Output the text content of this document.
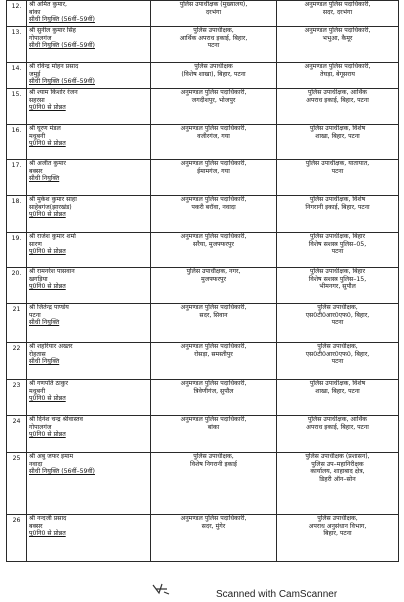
12.	श्री अमित कुमार,
बांका
सीधी नियुक्ति (56वीं–59वीं)	पुलिस उपाधीक्षक (मुख्यालय),
दरभंगा	अनुमण्डल पुलिस पदाधिकारी,
सदर, दरभंगा

13.	श्री सुनील कुमार सिंह
गोपालगंज
सीधी नियुक्ति (56वीं–59वीं)	पुलिस उपाधीक्षक,
आर्थिक अपराध इकाई, बिहार,
पटना	अनुमण्डल पुलिस पदाधिकारी,
भभुआ, कैमूर

14.	श्री रविन्द्र मोहन प्रसाद
जमुई
सीधी नियुक्ति (56वीं–59वीं)	पुलिस उपाधीक्षक
(विशेष शाखा), बिहार, पटना	अनुमण्डल पुलिस पदाधिकारी,
तेघड़ा, बेगूसराय

15.	श्री श्याम किशोर रंजन
सहरसा
पु0नि0 से प्रोन्नत	अनुमण्डल पुलिस पदाधिकारी,
जगदीशपुर, भोजपुर	पुलिस उपाधीक्षक, आर्थिक
अपराध इकाई, बिहार, पटना

16.	श्री घूरण मंडल
मधुबनी
पु0नि0 से प्रोन्नत	अनुमण्डल पुलिस पदाधिकारी,
वजीरगंज, गया	पुलिस उपाधीक्षक, विशेष
शाखा, बिहार, पटना

17.	श्री अजीत कुमार
बक्सर
सीधी नियुक्ति	अनुमण्डल पुलिस पदाधिकारी,
ईमामगंज, गया	पुलिस उपाधीक्षक, यातायात,
पटना

18.	श्री मुकेश कुमार साहा
साहेबगंज(झारखंड)
पु0नि0 से प्रोन्नत	अनुमण्डल पुलिस पदाधिकारी,
पकरी बरॉवा, नवादा	पुलिस उपाधीक्षक, विशेष
निगरानी इकाई, बिहार, पटना

19.	श्री राजेश कुमार शर्मा
सारण
पु0नि0 से प्रोन्नत	अनुमण्डल पुलिस पदाधिकारी,
सरैया, मुजफ्फरपुर	पुलिस उपाधीक्षक, बिहार
विशेष सशस्त्र पुलिस–05,
पटना

20.	श्री रामनरेश पासवान
खगड़िया
पु0नि0 से प्रोन्नत	पुलिस उपाधीक्षक, नगर,
मुजफ्फरपुर	पुलिस उपाधीक्षक, बिहार
विशेष सशस्त्र पुलिस–15,
भीमनगर, सुपौल

21	श्री जितेन्द्र पाण्डेय
पटना
सीधी नियुक्ति	अनुमण्डल पुलिस पदाधिकारी,
सदर, सिवान	पुलिस उपाधीक्षक,
एस0टी0आर0एफ0, बिहार,
पटना

22	श्री शहरियार अख्तर
रोहतास
सीधी नियुक्ति	अनुमण्डल पुलिस पदाधिकारी,
रोसड़ा, समस्तीपुर	पुलिस उपाधीक्षक,
एस0टी0आर0एफ0, बिहार,
पटना

23	श्री गणपति ठाकुर
मधुबनी
पु0नि0 से प्रोन्नत	अनुमण्डल पुलिस पदाधिकारी,
त्रिवेणीगंज, सुपौल	पुलिस उपाधीक्षक, विशेष
शाखा, बिहार, पटना

24	श्री दिनेश चन्द्र श्रीवास्तव
गोपालगंज
पु0नि0 से प्रोन्नत	अनुमण्डल पुलिस पदाधिकारी,
बांका	पुलिस उपाधीक्षक, आर्थिक
अपराध इकाई, बिहार, पटना

25	श्री अबु जफर इमाम
नवादा
सीधी नियुक्ति (56वीं–59वीं)	पुलिस उपाधीक्षक,
विशेष निगरानी इकाई	पुलिस उपाधीक्षक (प्रशासन),
पुलिस उप–महानिरीक्षक
कार्यालय, शाहाबाद क्षेत्र,
डिहरी ऑन–सोन

26	श्री नन्दजी प्रसाद
बक्सर
पु0नि0 से प्रोन्नत	अनुमण्डल पुलिस पदाधिकारी,
सदर, मुंगेर	पुलिस उपाधीक्षक,
अपराध अनुसंधान विभाग,
बिहार, पटना
Scanned with CamScanner
